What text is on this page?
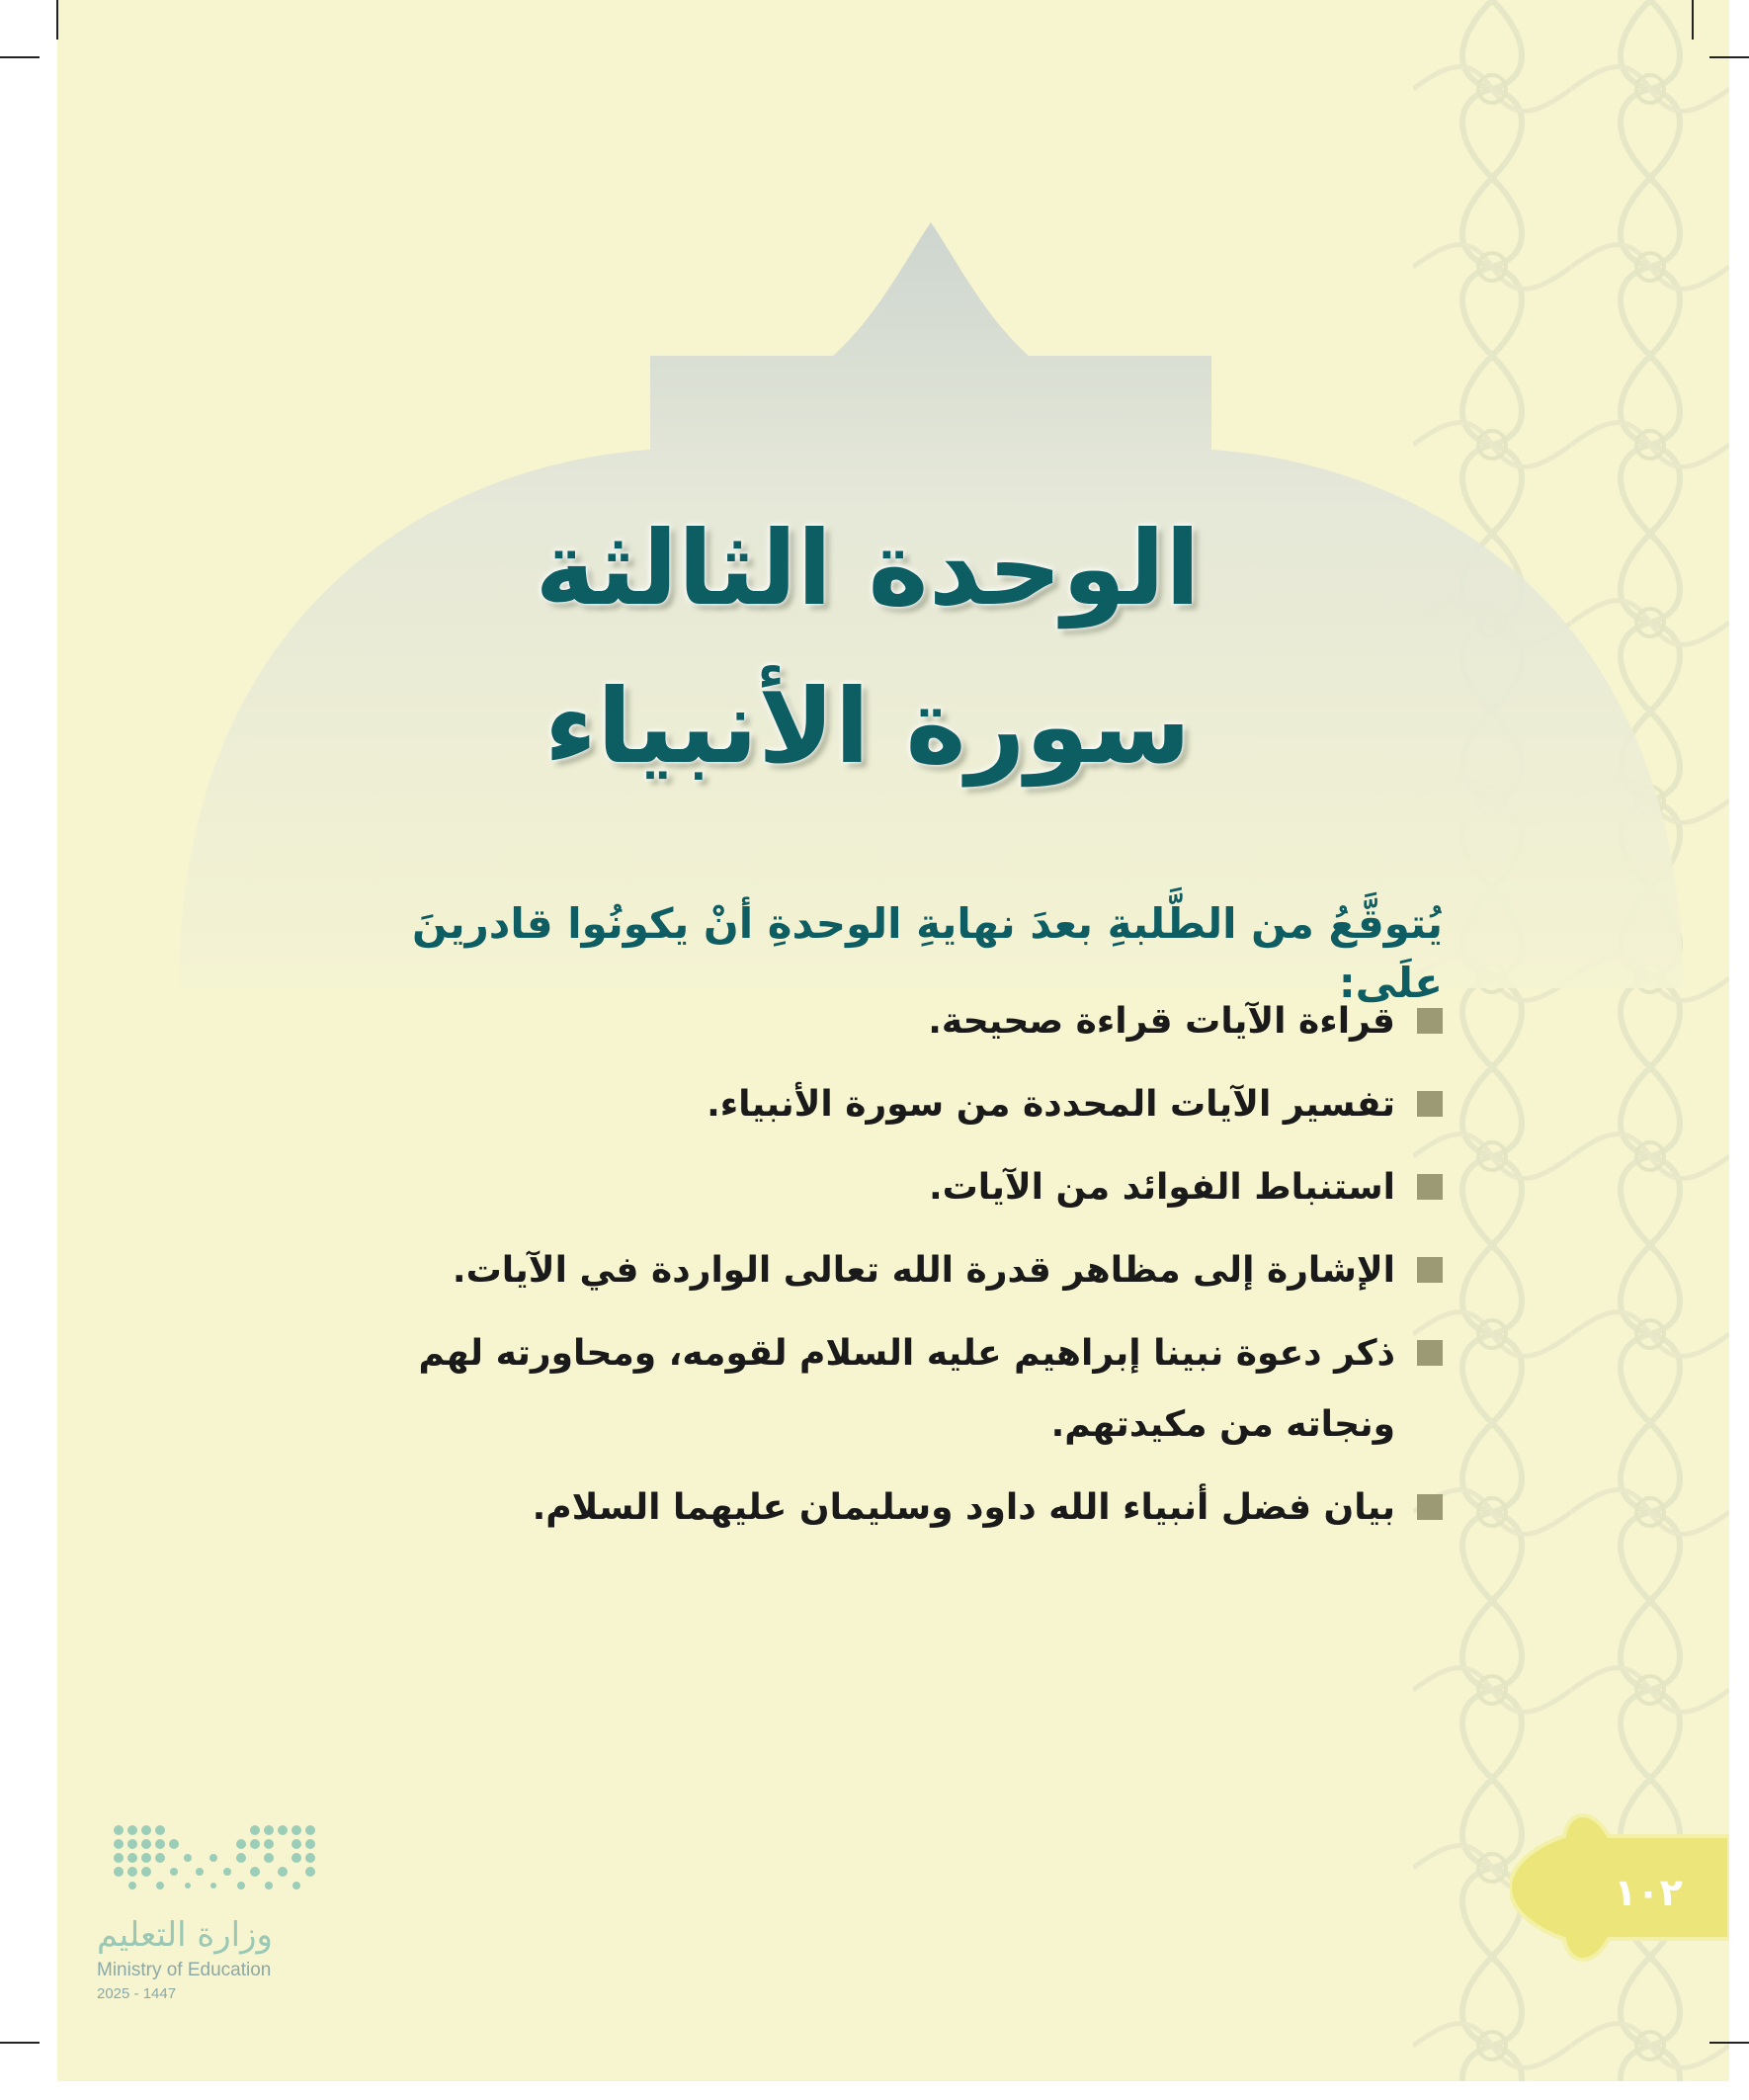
الوحدة الثالثة
سورة الأنبياء
يُتوقَّعُ من الطَّلبةِ بعدَ نهايةِ الوحدةِ أنْ يكونُوا قادرينَ علَى:
قراءة الآيات قراءة صحيحة.
تفسير الآيات المحددة من سورة الأنبياء.
استنباط الفوائد من الآيات.
الإشارة إلى مظاهر قدرة الله تعالى الواردة في الآيات.
ذكر دعوة نبينا إبراهيم عليه السلام لقومه، ومحاورته لهم ونجاته من مكيدتهم.
بيان فضل أنبياء الله داود وسليمان عليهما السلام.
١٠٢
وزارة التعليم
Ministry of Education
2025 - 1447
